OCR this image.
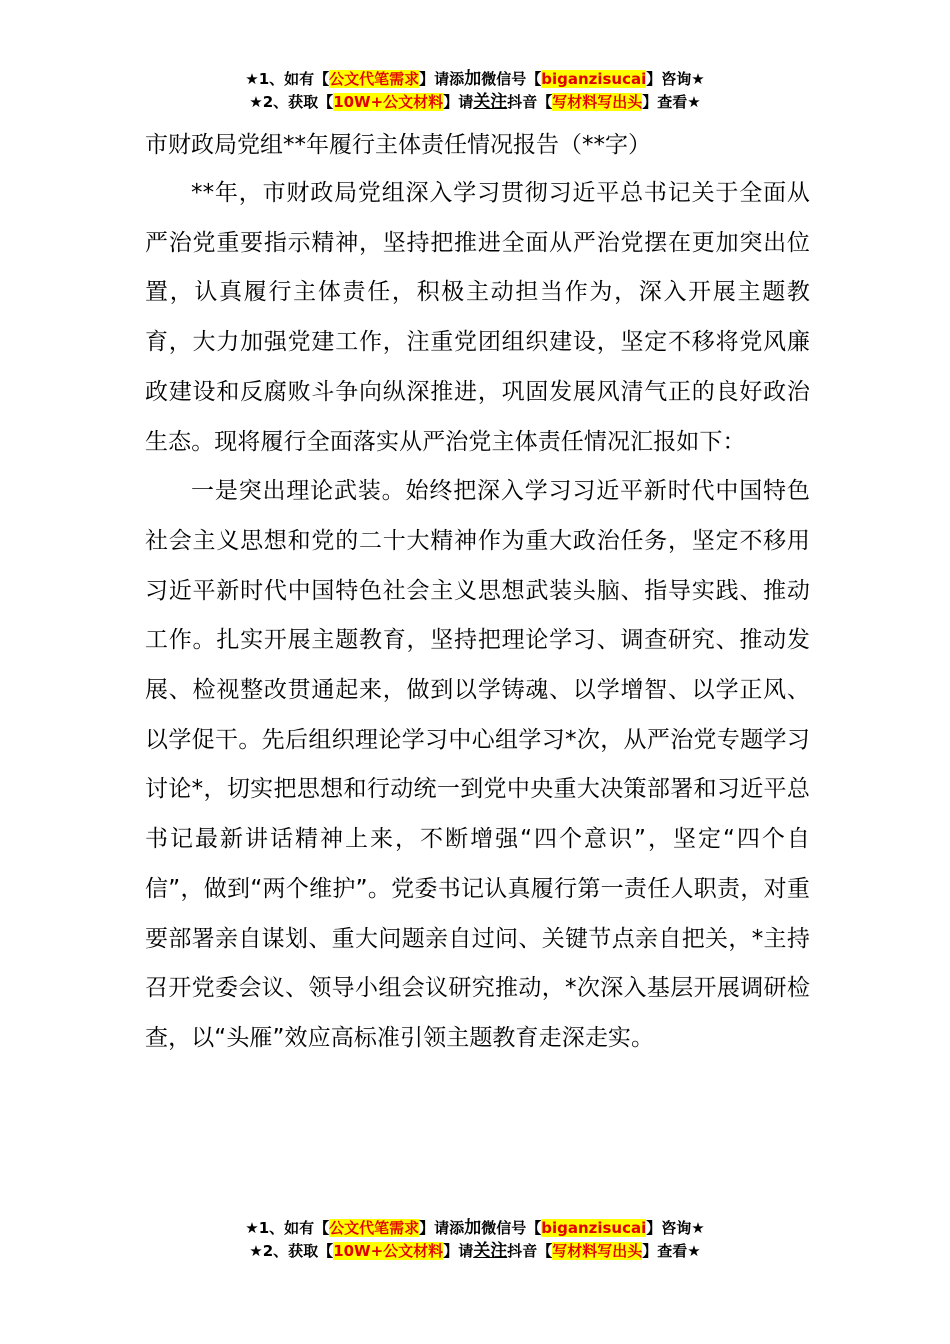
★1、如有【公文代笔需求】请添加微信号【biganzisucai】咨询★
★2、获取【10W+公文材料】请关注抖音【写材料写出头】查看★
市财政局党组**年履行主体责任情况报告（**字）

**年，市财政局党组深入学习贯彻习近平总书记关于全面从严治党重要指示精神，坚持把推进全面从严治党摆在更加突出位置，认真履行主体责任，积极主动担当作为，深入开展主题教育，大力加强党建工作，注重党团组织建设，坚定不移将党风廉政建设和反腐败斗争向纵深推进，巩固发展风清气正的良好政治生态。现将履行全面落实从严治党主体责任情况汇报如下：

一是突出理论武装。始终把深入学习习近平新时代中国特色社会主义思想和党的二十大精神作为重大政治任务，坚定不移用习近平新时代中国特色社会主义思想武装头脑、指导实践、推动工作。扎实开展主题教育，坚持把理论学习、调查研究、推动发展、检视整改贯通起来，做到以学铸魂、以学增智、以学正风、以学促干。先后组织理论学习中心组学习*次，从严治党专题学习讨论*，切实把思想和行动统一到党中央重大决策部署和习近平总书记最新讲话精神上来，不断增强“四个意识”，坚定“四个自信”，做到“两个维护”。党委书记认真履行第一责任人职责，对重要部署亲自谋划、重大问题亲自过问、关键节点亲自把关，*主持召开党委会议、领导小组会议研究推动，*次深入基层开展调研检查，以“头雁”效应高标准引领主题教育走深走实。

★1、如有【公文代笔需求】请添加微信号【biganzisucai】咨询★
★2、获取【10W+公文材料】请关注抖音【写材料写出头】查看★
